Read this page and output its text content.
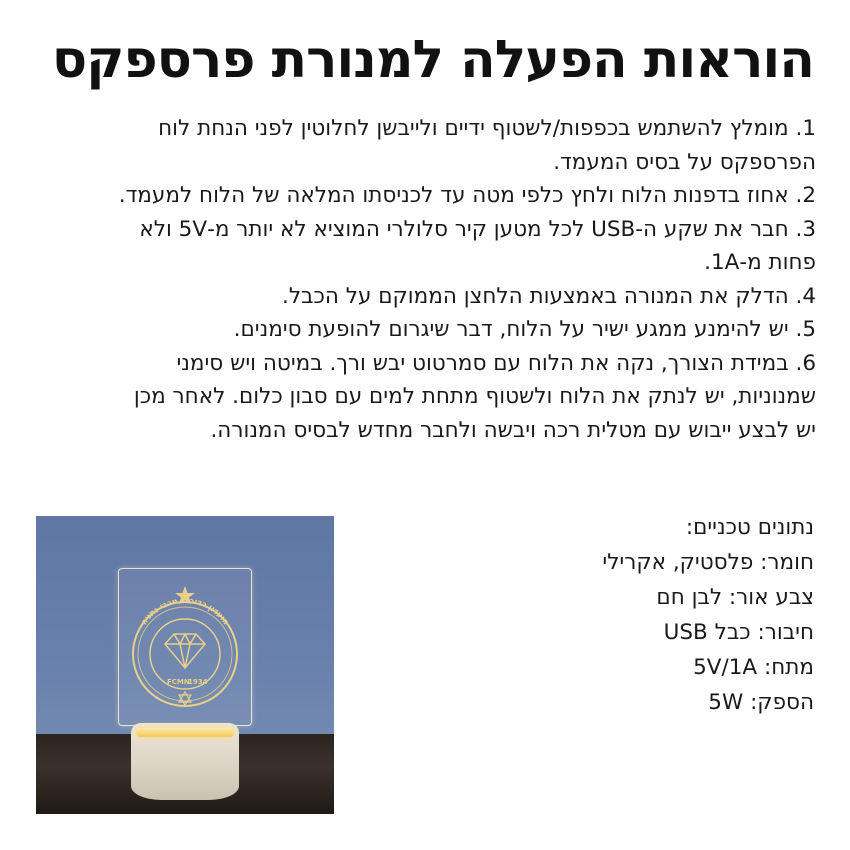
הוראות הפעלה למנורת פרספקס
1. מומלץ להשתמש בכפפות/לשטוף ידיים ולייבשן לחלוטין לפני הנחת לוח
הפרספקס על בסיס המעמד.
2. אחוז בדפנות הלוח ולחץ כלפי מטה עד לכניסתו המלאה של הלוח למעמד.
3. חבר את שקע ה-USB לכל מטען קיר סלולרי המוציא לא יותר מ-5V ולא
פחות מ-1A.
4. הדלק את המנורה באמצעות הלחצן הממוקם על הכבל.
5. יש להימנע ממגע ישיר על הלוח, דבר שיגרום להופעת סימנים.
6. במידת הצורך, נקה את הלוח עם סמרטוט יבש ורך. במיטה ויש סימני
שמנוניות, יש לנתק את הלוח ולשטוף מתחת למים עם סבון כלום. לאחר מכן
יש לבצע ייבוש עם מטלית רכה ויבשה ולחבר מחדש לבסיס המנורה.
נתונים טכניים:
חומר: פלסטיק, אקרילי
צבע אור: לבן חם
חיבור: כבל USB
מתח: 5V/1A
הספק: 5W
מועדון כדורגל מכבי נתניה
FCMN
1934
